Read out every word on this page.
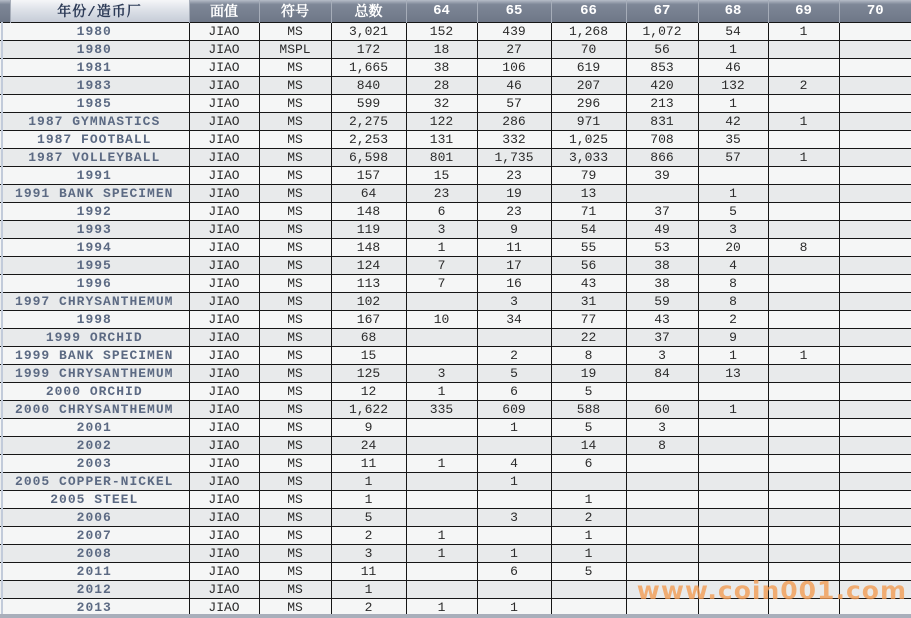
	年份/造币厂	面值	符号	总数	64	65	66	67	68	69	70
1980		JIAO	MS	3,021	152	439	1,268	1,072	54	1	
1980		JIAO	MSPL	172	18	27	70	56	1		
1981		JIAO	MS	1,665	38	106	619	853	46		
1983		JIAO	MS	840	28	46	207	420	132	2	
1985		JIAO	MS	599	32	57	296	213	1		
1987 GYMNASTICS		JIAO	MS	2,275	122	286	971	831	42	1	
1987 FOOTBALL		JIAO	MS	2,253	131	332	1,025	708	35		
1987 VOLLEYBALL		JIAO	MS	6,598	801	1,735	3,033	866	57	1	
1991		JIAO	MS	157	15	23	79	39			
1991 BANK SPECIMEN		JIAO	MS	64	23	19	13		1		
1992		JIAO	MS	148	6	23	71	37	5		
1993		JIAO	MS	119	3	9	54	49	3		
1994		JIAO	MS	148	1	11	55	53	20	8	
1995		JIAO	MS	124	7	17	56	38	4		
1996		JIAO	MS	113	7	16	43	38	8		
1997 CHRYSANTHEMUM		JIAO	MS	102		3	31	59	8		
1998		JIAO	MS	167	10	34	77	43	2		
1999 ORCHID		JIAO	MS	68			22	37	9		
1999 BANK SPECIMEN		JIAO	MS	15		2	8	3	1	1	
1999 CHRYSANTHEMUM		JIAO	MS	125	3	5	19	84	13		
2000 ORCHID		JIAO	MS	12	1	6	5				
2000 CHRYSANTHEMUM		JIAO	MS	1,622	335	609	588	60	1		
2001		JIAO	MS	9		1	5	3			
2002		JIAO	MS	24			14	8			
2003		JIAO	MS	11	1	4	6				
2005 COPPER-NICKEL		JIAO	MS	1		1					
2005 STEEL		JIAO	MS	1			1				
2006		JIAO	MS	5		3	2				
2007		JIAO	MS	2	1		1				
2008		JIAO	MS	3	1	1	1				
2011		JIAO	MS	11		6	5				
2012		JIAO	MS	1							
2013		JIAO	MS	2	1	1					
www.coin001.com
